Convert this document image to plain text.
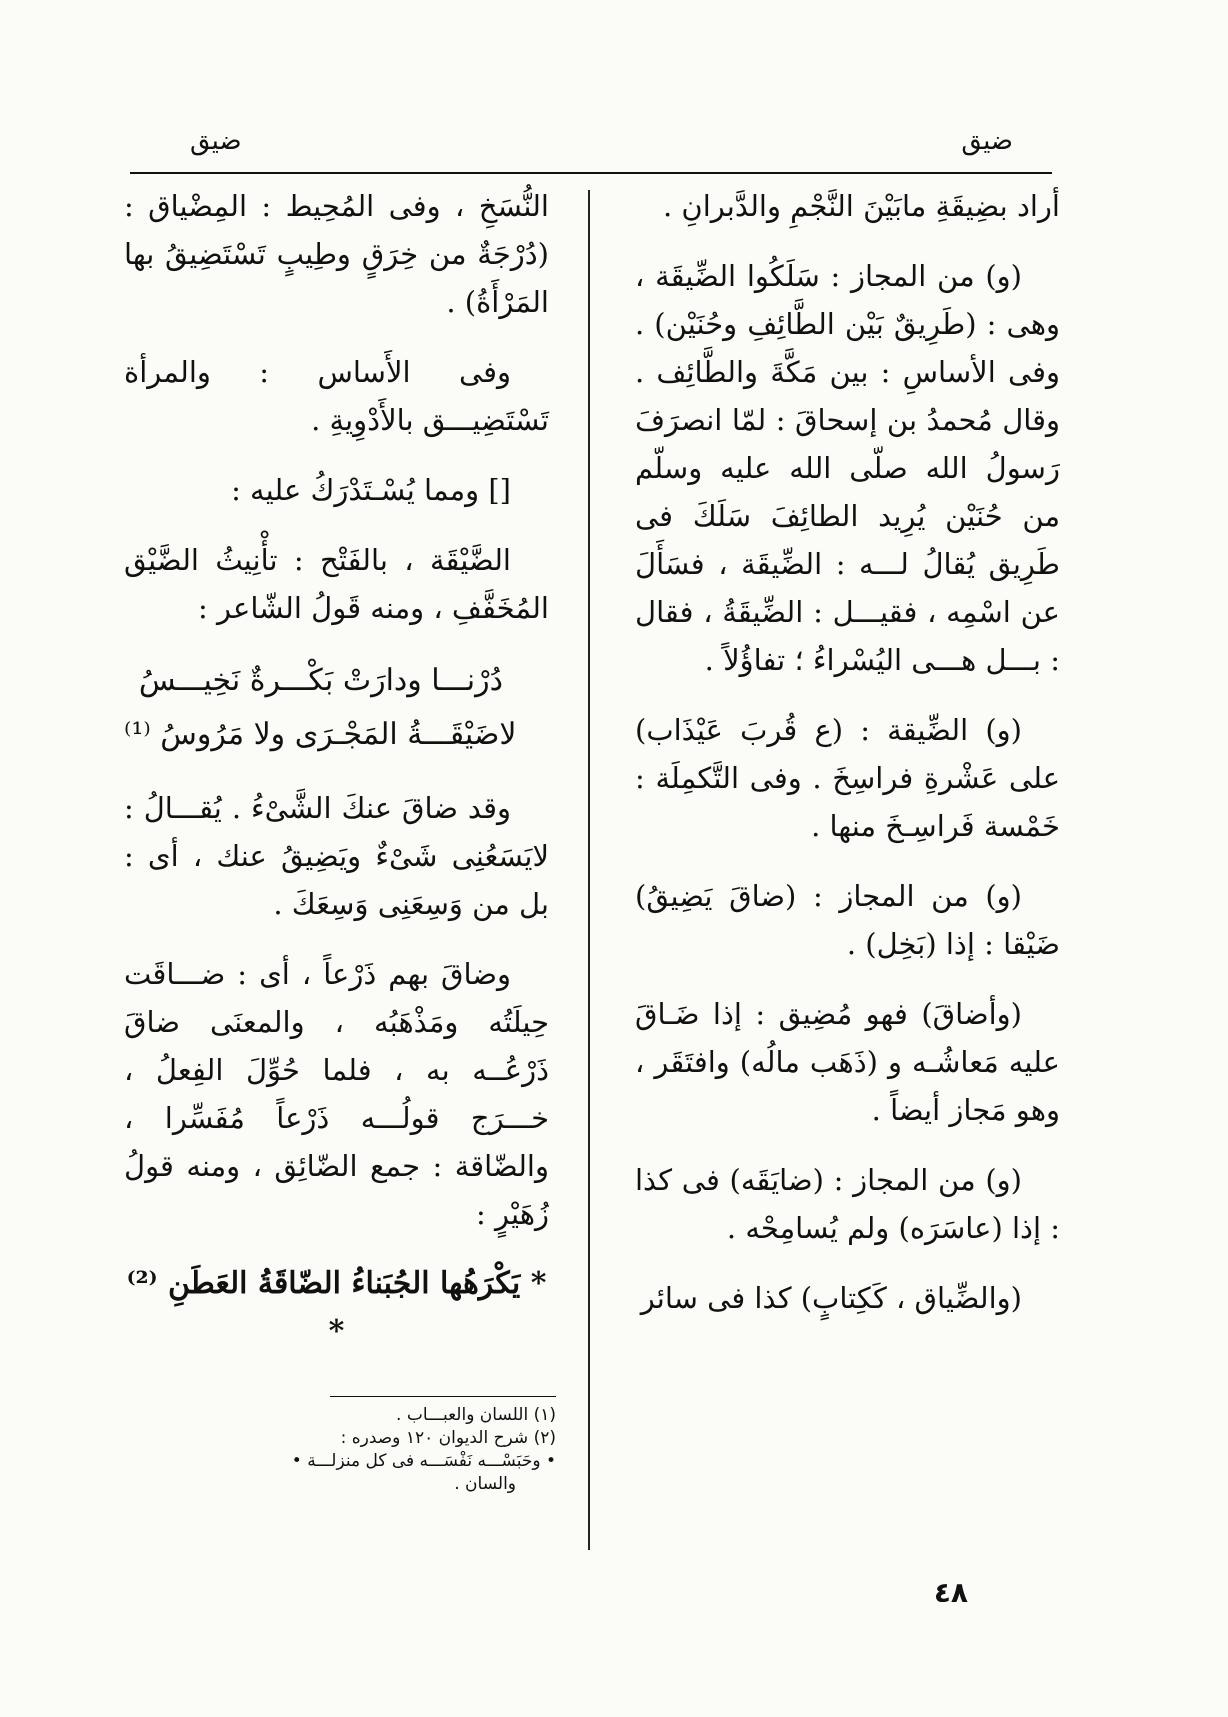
ضيق
ضيق

أراد بضِيقَةِ مابَيْنَ النَّجْمِ والدَّبرانِ .

(و) من المجاز : سَلَكُوا الضِّيقَة ، وهى : (طَرِيقٌ بَيْن الطَّائِفِ وحُنَيْن) . وفى الأساسِ : بين مَكَّةَ والطَّائِف . وقال مُحمدُ بن إسحاقَ : لمّا انصرَفَ رَسولُ الله صلّى الله عليه وسلّم من حُنَيْن يُرِيد الطائِفَ سَلَكَ فى طَرِيق يُقالُ لـــه : الضِّيقَة ، فسَأَلَ عن اسْمِه ، فقيـــل : الضِّيقَةُ ، فقال : بـــل هـــى اليُسْراءُ ؛ تفاؤُلاً .

(و) الضِّيقة : (ع قُربَ عَيْذَاب) على عَشْرةِ فراسِخَ . وفى التَّكمِلَة : خَمْسة فَراسِـخَ منها .

(و) من المجاز : (ضاقَ يَضِيقُ) ضَيْقا : إذا (بَخِل) .

(وأضاقَ) فهو مُضِيق : إذا ضَـاقَ عليه مَعاشُـه و (ذَهَب مالُه) وافتَقَر ، وهو مَجاز أيضاً .

(و) من المجاز : (ضايَقَه) فى كذا : إذا (عاسَرَه) ولم يُسامِحْه .

(والضِّياق ، كَكِتابٍ) كذا فى سائر

النُّسَخِ ، وفى المُحِيط : المِضْياق : (دُرْجَةٌ من خِرَقٍ وطِيبٍ تَسْتَضِيقُ بها المَرْأَةُ) .

وفى الأَساس : والمرأة تَسْتَضِيـــق بالأَدْوِيةِ .

[] ومما يُسْـتَدْرَكُ عليه :

الضَّيْقَة ، بالفَتْح : تأْنِيثُ الضَّيْق المُخَفَّفِ ، ومنه قَولُ الشّاعر :

دُرْنـــا ودارَتْ بَكْـــرةٌ نَخِيـــسُ
لاضَيْقَـــةُ المَجْـرَى ولا مَرُوسُ ⁽¹⁾

وقد ضاقَ عنكَ الشَّىْءُ . يُقـــالُ : لايَسَعُنِى شَىْءٌ ويَضِيقُ عنك ، أى : بل من وَسِعَنِى وَسِعَكَ .

وضاقَ بهم ذَرْعاً ، أى : ضـــاقَت حِيلَتُه ومَذْهَبُه ، والمعنَى ضاقَ ذَرْعُــه به ، فلما حُوِّلَ الفِعلُ ، خـــرَج قولُـــه ذَرْعاً مُفَسِّرا ، والضّاقة : جمع الضّائِق ، ومنه قولُ زُهَيْرٍ :

* يَكْرَهُها الجُبَناءُ الضّاقَةُ العَطَنِ ⁽²⁾ *
(١) اللسان والعبـــاب .
(٢) شرح الديوان ١٢٠ وصدره :
• وحَبَسْـــه نَفْسَـــه فى كل منزلـــة •
والسان .
٤٨
